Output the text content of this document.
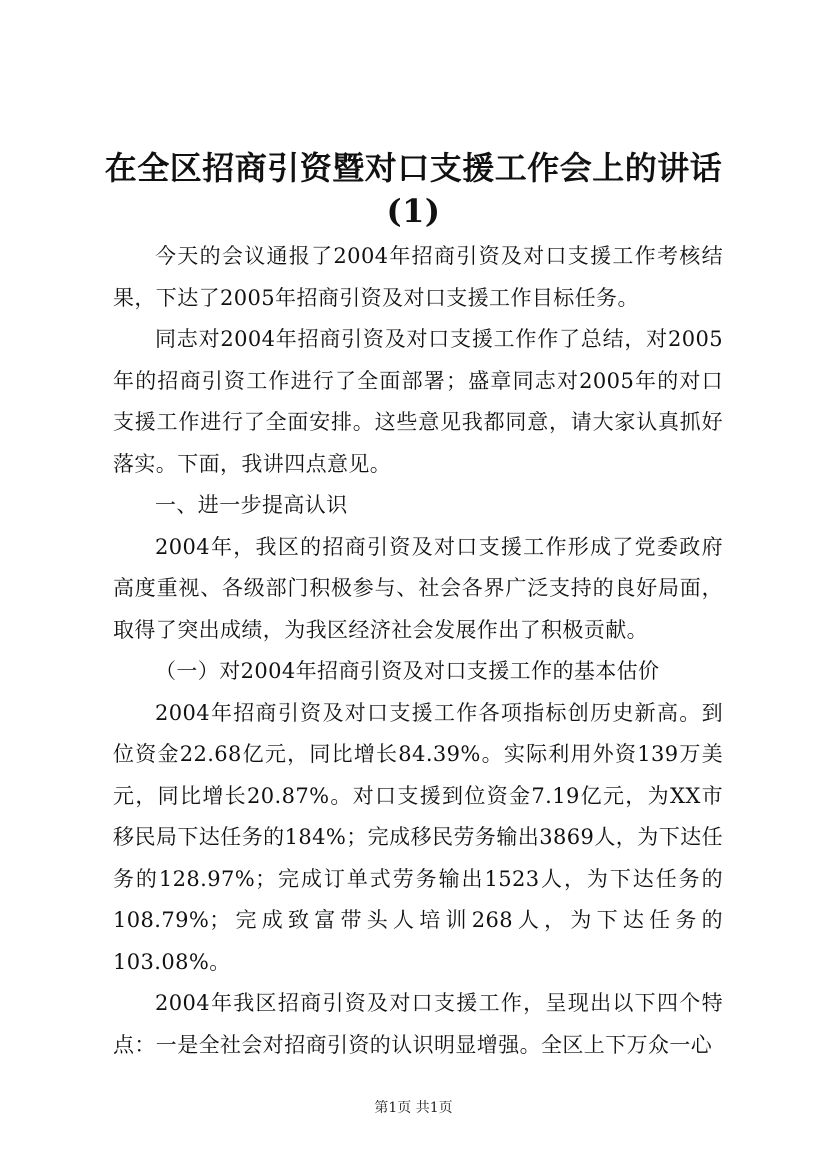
在全区招商引资暨对口支援工作会上的讲话
(1)

今天的会议通报了2004年招商引资及对口支援工作考核结果，下达了2005年招商引资及对口支援工作目标任务。

同志对2004年招商引资及对口支援工作作了总结，对2005年的招商引资工作进行了全面部署；盛章同志对2005年的对口支援工作进行了全面安排。这些意见我都同意，请大家认真抓好落实。下面，我讲四点意见。

一、进一步提高认识

2004年，我区的招商引资及对口支援工作形成了党委政府高度重视、各级部门积极参与、社会各界广泛支持的良好局面，取得了突出成绩，为我区经济社会发展作出了积极贡献。

（一）对2004年招商引资及对口支援工作的基本估价

2004年招商引资及对口支援工作各项指标创历史新高。到位资金22.68亿元，同比增长84.39%。实际利用外资139万美元，同比增长20.87%。对口支援到位资金7.19亿元，为XX市移民局下达任务的184%；完成移民劳务输出3869人，为下达任务的128.97%；完成订单式劳务输出1523人，为下达任务的108.79%；完成致富带头人培训268人，为下达任务的103.08%。

2004年我区招商引资及对口支援工作，呈现出以下四个特点：一是全社会对招商引资的认识明显增强。全区上下万众一心

第1页 共1页
